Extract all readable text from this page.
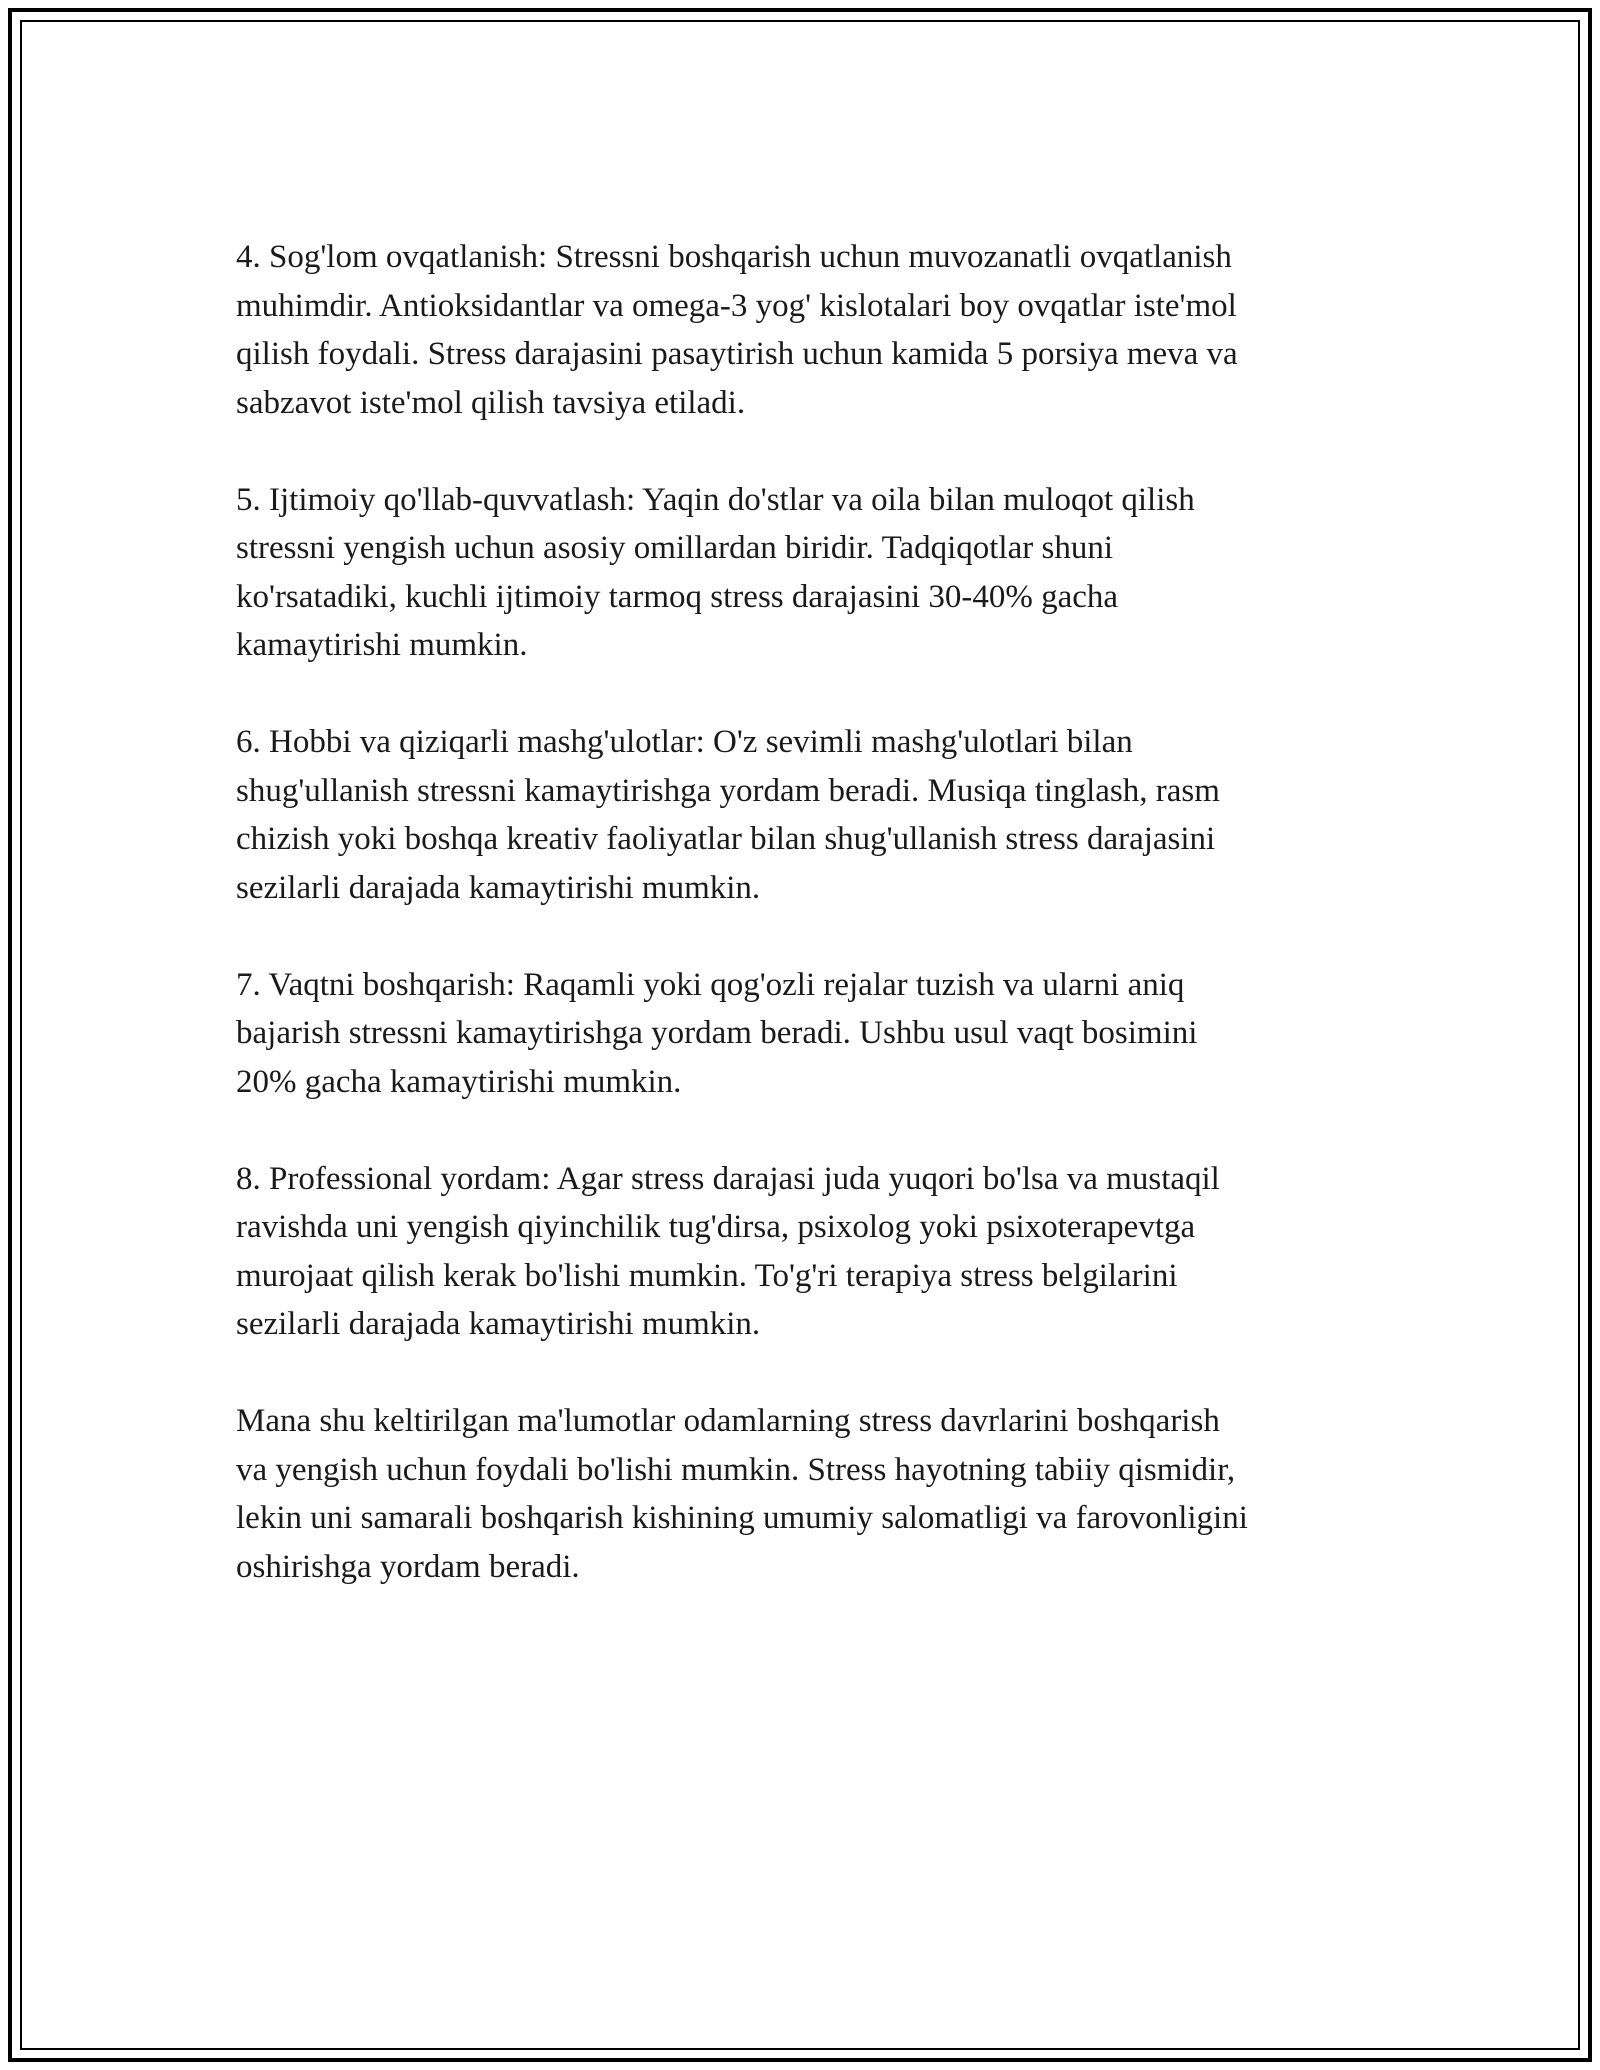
4. Sog'lom ovqatlanish: Stressni boshqarish uchun muvozanatli ovqatlanish
muhimdir. Antioksidantlar va omega-3 yog' kislotalari boy ovqatlar iste'mol
qilish foydali. Stress darajasini pasaytirish uchun kamida 5 porsiya meva va
sabzavot iste'mol qilish tavsiya etiladi.

5. Ijtimoiy qo'llab-quvvatlash: Yaqin do'stlar va oila bilan muloqot qilish
stressni yengish uchun asosiy omillardan biridir. Tadqiqotlar shuni
ko'rsatadiki, kuchli ijtimoiy tarmoq stress darajasini 30-40% gacha
kamaytirishi mumkin.

6. Hobbi va qiziqarli mashg'ulotlar: O'z sevimli mashg'ulotlari bilan
shug'ullanish stressni kamaytirishga yordam beradi. Musiqa tinglash, rasm
chizish yoki boshqa kreativ faoliyatlar bilan shug'ullanish stress darajasini
sezilarli darajada kamaytirishi mumkin.

7. Vaqtni boshqarish: Raqamli yoki qog'ozli rejalar tuzish va ularni aniq
bajarish stressni kamaytirishga yordam beradi. Ushbu usul vaqt bosimini
20% gacha kamaytirishi mumkin.

8. Professional yordam: Agar stress darajasi juda yuqori bo'lsa va mustaqil
ravishda uni yengish qiyinchilik tug'dirsa, psixolog yoki psixoterapevtga
murojaat qilish kerak bo'lishi mumkin. To'g'ri terapiya stress belgilarini
sezilarli darajada kamaytirishi mumkin.

Mana shu keltirilgan ma'lumotlar odamlarning stress davrlarini boshqarish
va yengish uchun foydali bo'lishi mumkin. Stress hayotning tabiiy qismidir,
lekin uni samarali boshqarish kishining umumiy salomatligi va farovonligini
oshirishga yordam beradi.
